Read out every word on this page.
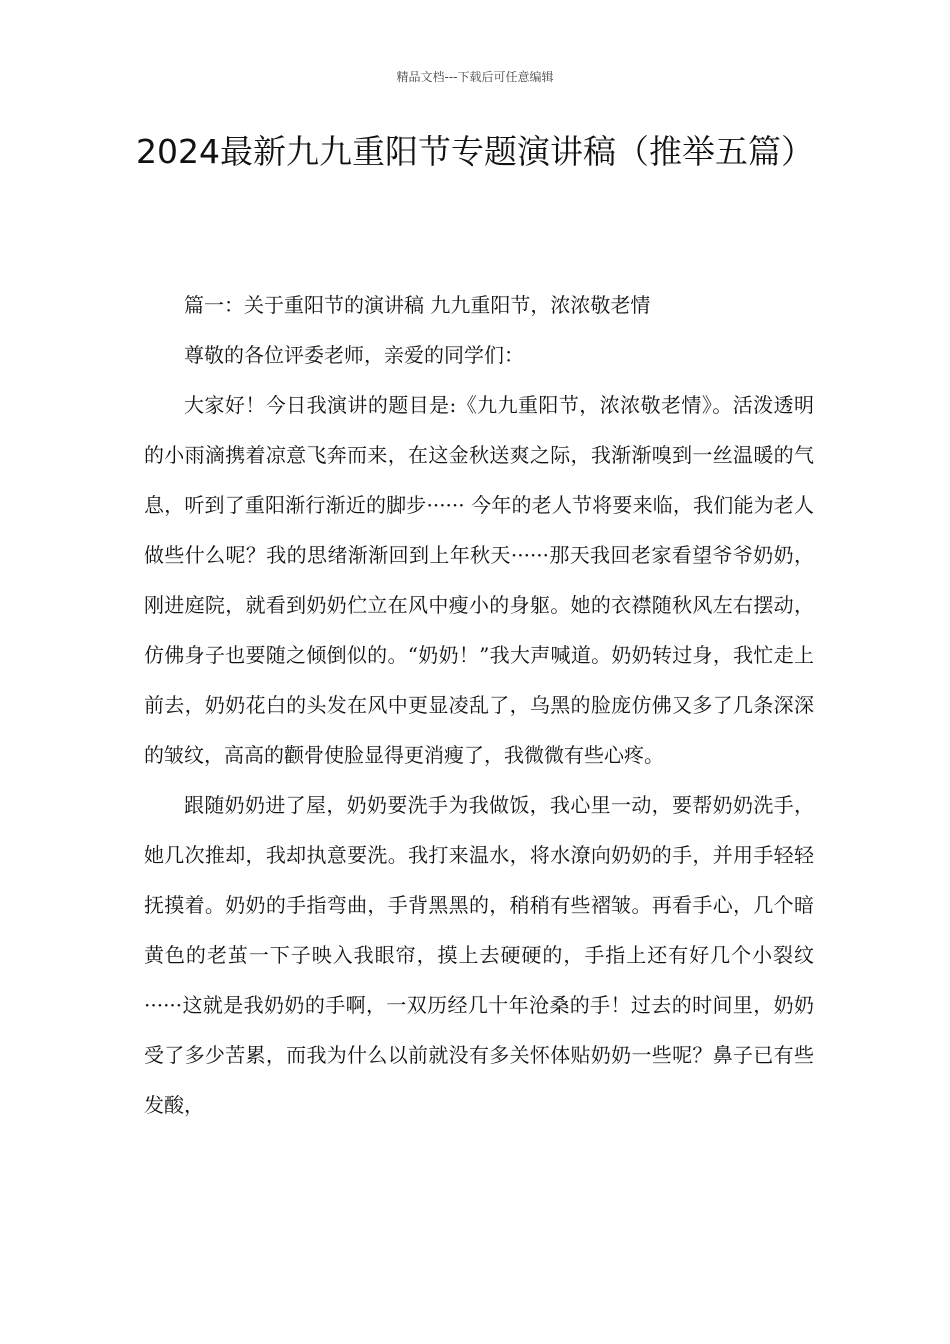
精品文档---下载后可任意编辑
2024最新九九重阳节专题演讲稿（推举五篇）

篇一：关于重阳节的演讲稿 九九重阳节，浓浓敬老情

尊敬的各位评委老师，亲爱的同学们：

大家好！今日我演讲的题目是:《九九重阳节，浓浓敬老情》。活泼透明的小雨滴携着凉意飞奔而来，在这金秋送爽之际，我渐渐嗅到一丝温暖的气息，听到了重阳渐行渐近的脚步······ 今年的老人节将要来临，我们能为老人做些什么呢？我的思绪渐渐回到上年秋天······那天我回老家看望爷爷奶奶，刚进庭院，就看到奶奶伫立在风中瘦小的身躯。她的衣襟随秋风左右摆动，仿佛身子也要随之倾倒似的。“奶奶！”我大声喊道。奶奶转过身，我忙走上前去，奶奶花白的头发在风中更显凌乱了，乌黑的脸庞仿佛又多了几条深深的皱纹，高高的颧骨使脸显得更消瘦了，我微微有些心疼。

跟随奶奶进了屋，奶奶要洗手为我做饭，我心里一动，要帮奶奶洗手，她几次推却，我却执意要洗。我打来温水，将水潦向奶奶的手，并用手轻轻抚摸着。奶奶的手指弯曲，手背黑黑的，稍稍有些褶皱。再看手心，几个暗黄色的老茧一下子映入我眼帘，摸上去硬硬的，手指上还有好几个小裂纹······这就是我奶奶的手啊，一双历经几十年沧桑的手！过去的时间里，奶奶受了多少苦累，而我为什么以前就没有多关怀体贴奶奶一些呢？鼻子已有些发酸，
